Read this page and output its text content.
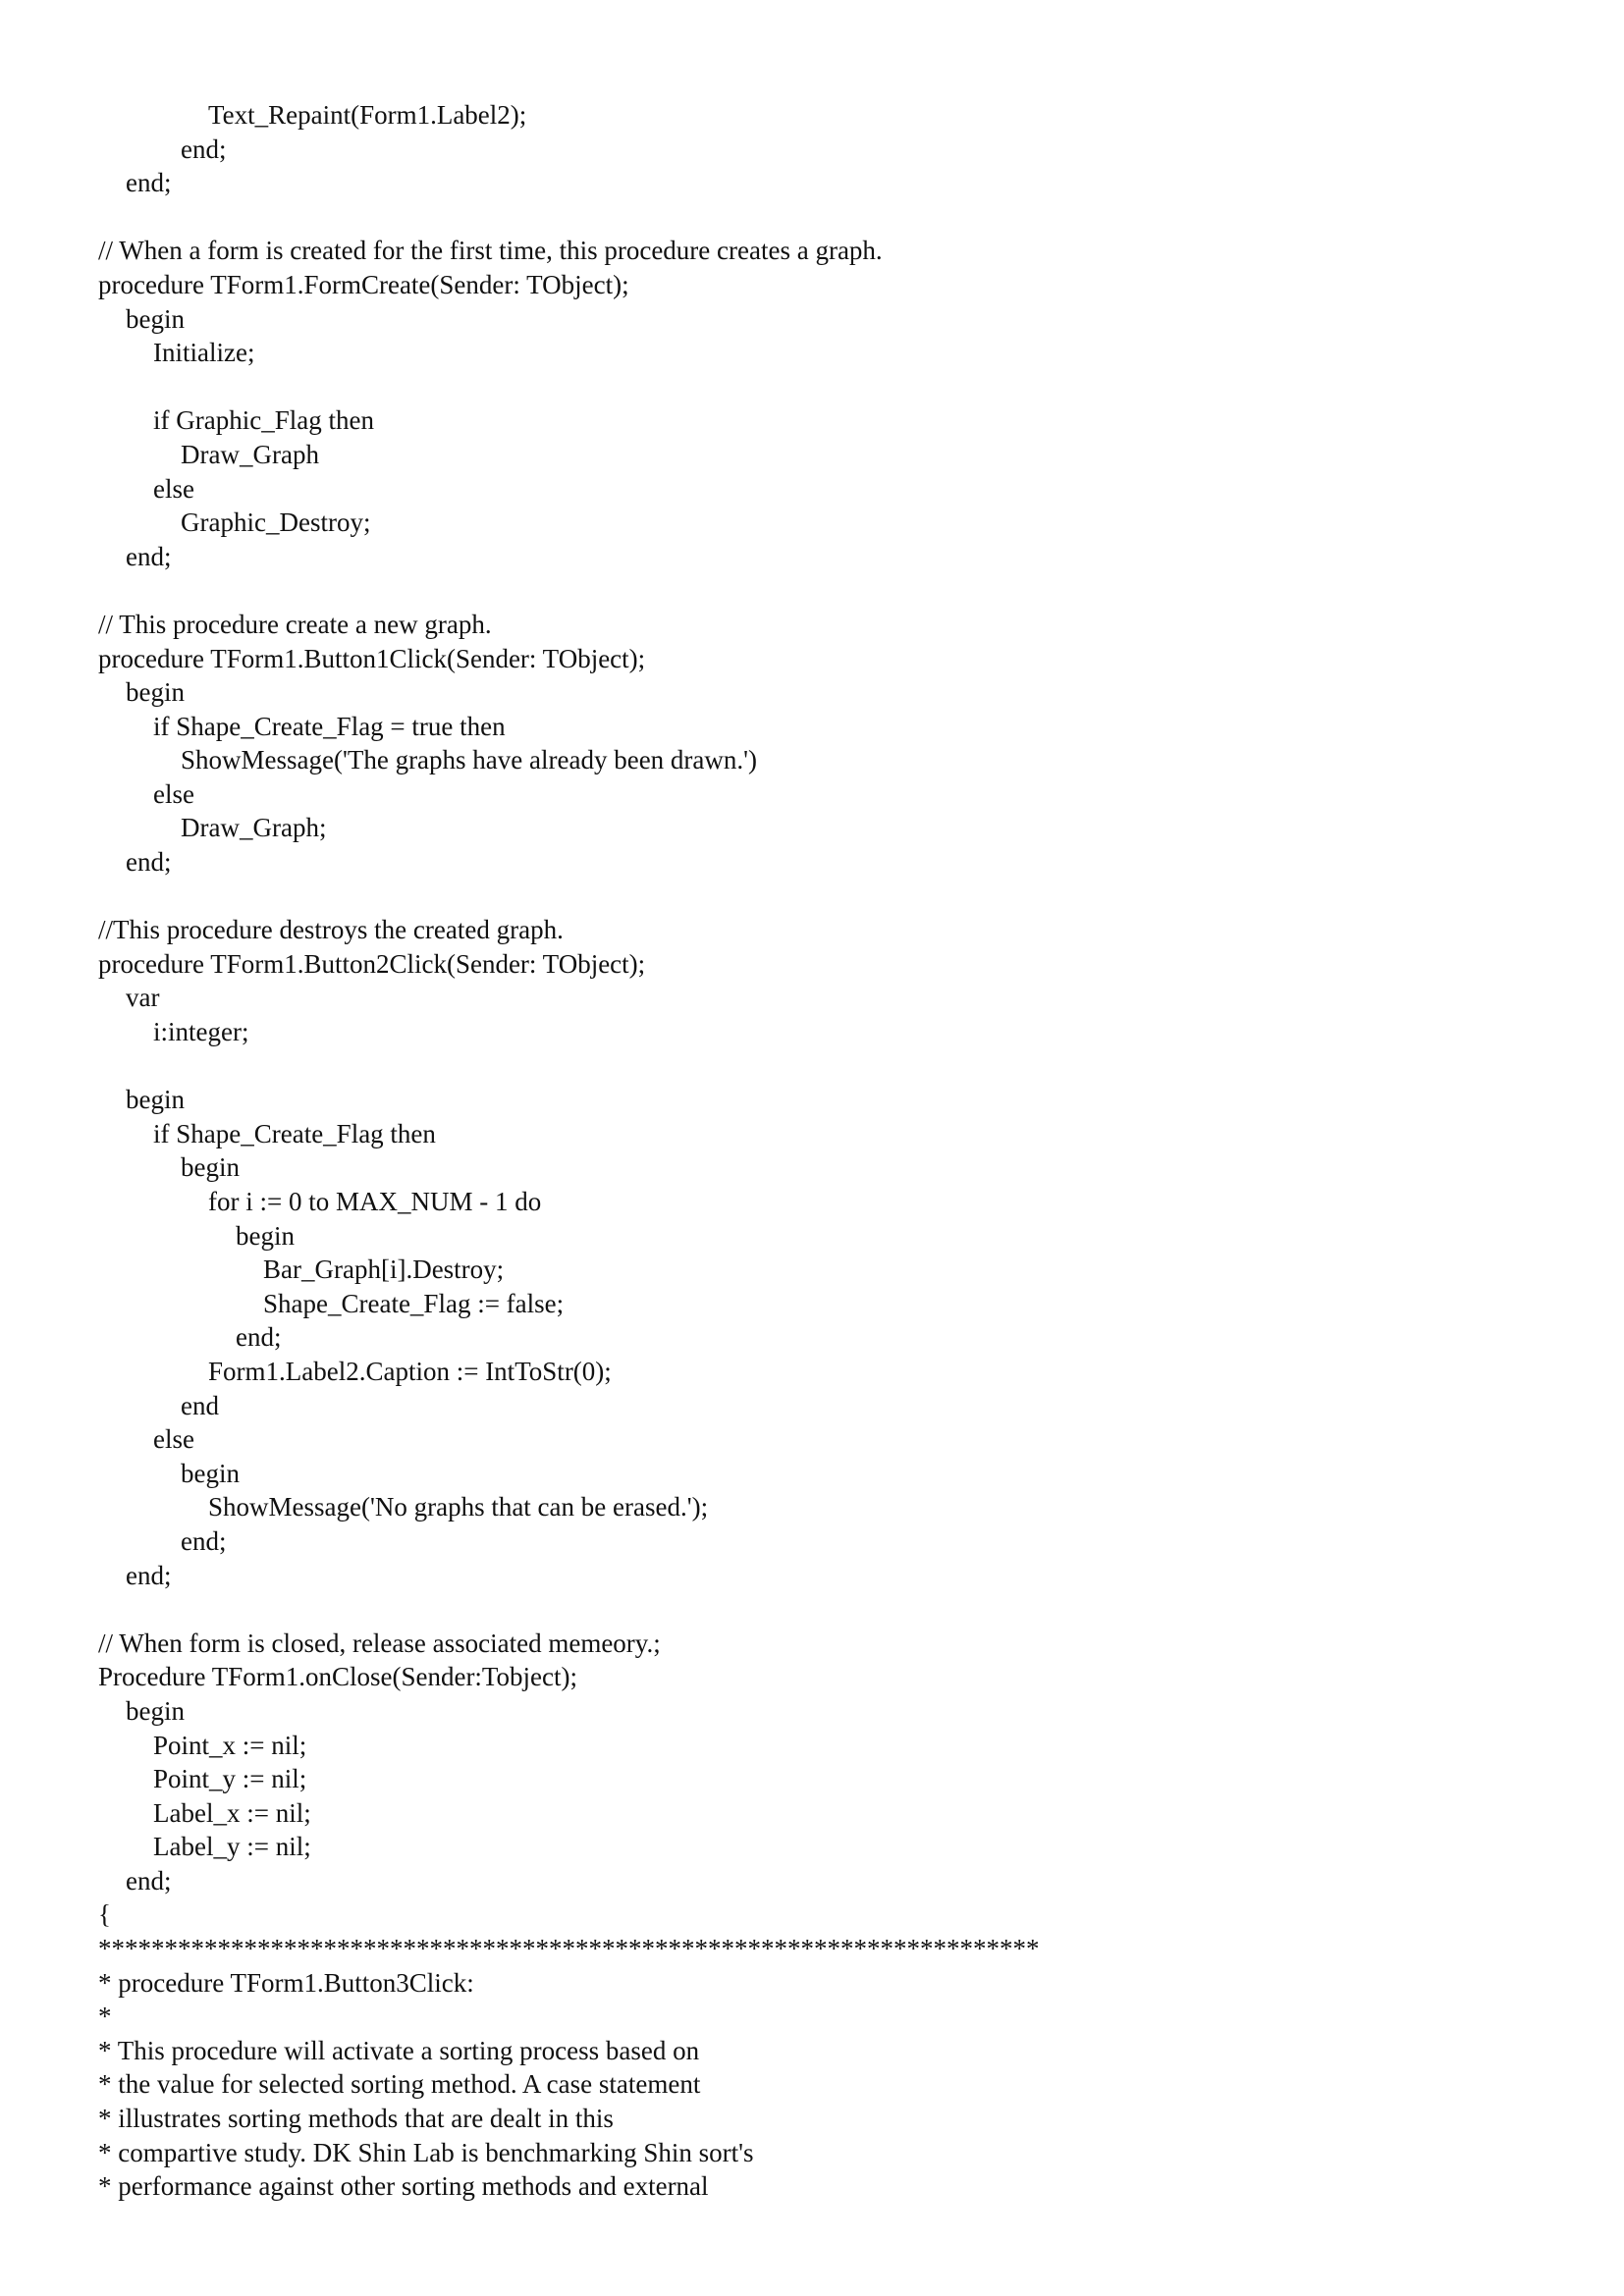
Text_Repaint(Form1.Label2);
end;
end;
// When a form is created for the first time, this procedure creates a graph.
procedure TForm1.FormCreate(Sender: TObject);
begin
Initialize;
if Graphic_Flag then
Draw_Graph
else
Graphic_Destroy;
end;
// This procedure create a new graph.
procedure TForm1.Button1Click(Sender: TObject);
begin
if Shape_Create_Flag = true then
ShowMessage('The graphs have already been drawn.')
else
Draw_Graph;
end;
//This procedure destroys the created graph.
procedure TForm1.Button2Click(Sender: TObject);
var
i:integer;
begin
if Shape_Create_Flag then
begin
for i := 0 to MAX_NUM - 1 do
begin
Bar_Graph[i].Destroy;
Shape_Create_Flag := false;
end;
Form1.Label2.Caption := IntToStr(0);
end
else
begin
ShowMessage('No graphs that can be erased.');
end;
end;
// When form is closed, release associated memeory.;
Procedure TForm1.onClose(Sender:Tobject);
begin
Point_x := nil;
Point_y := nil;
Label_x := nil;
Label_y := nil;
end;
{
***********************************************************************
* procedure TForm1.Button3Click:
*
* This procedure will activate a sorting process based on
* the value for selected sorting method. A case statement
* illustrates sorting methods that are dealt in this
* compartive study. DK Shin Lab is benchmarking Shin sort's
* performance against other sorting methods and external
